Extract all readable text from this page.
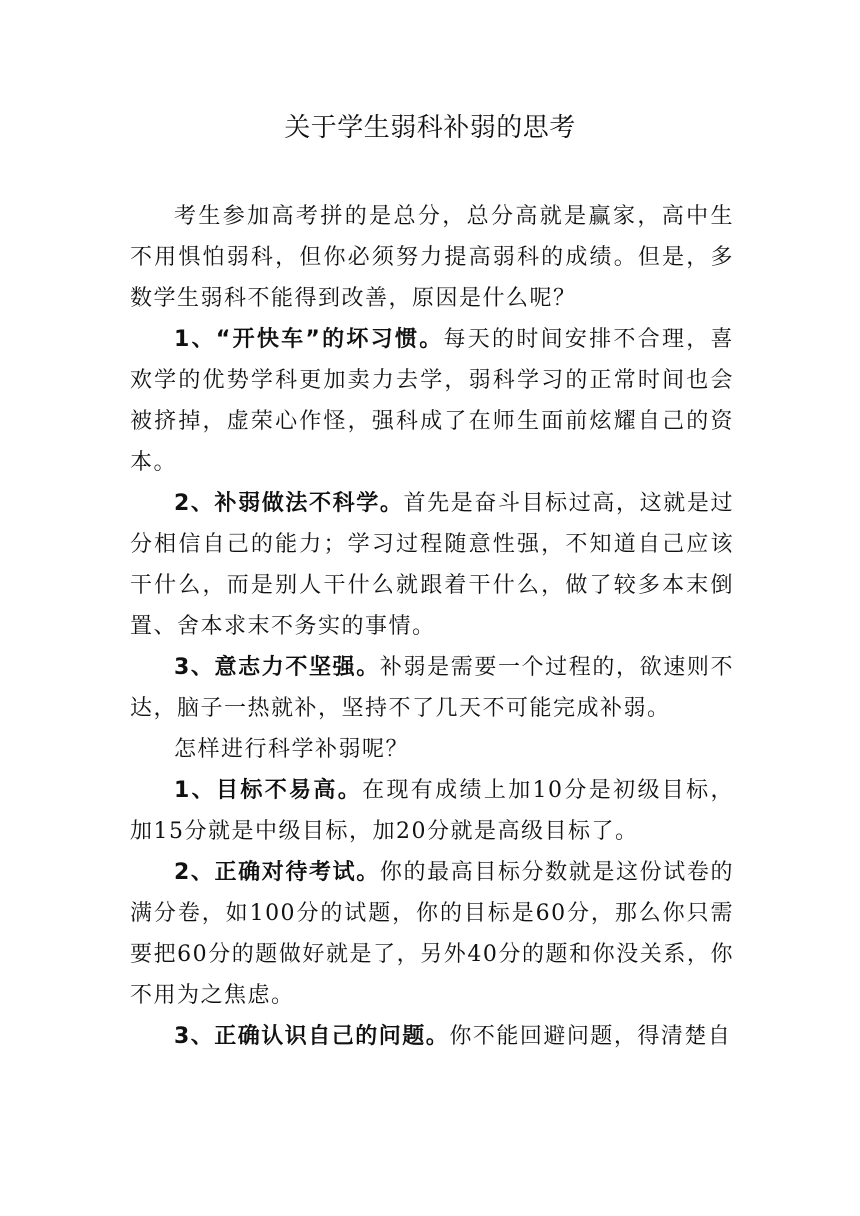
关于学生弱科补弱的思考

考生参加高考拼的是总分，总分高就是赢家，高中生不用惧怕弱科，但你必须努力提高弱科的成绩。但是，多数学生弱科不能得到改善，原因是什么呢？

1、“开快车”的坏习惯。每天的时间安排不合理，喜欢学的优势学科更加卖力去学，弱科学习的正常时间也会被挤掉，虚荣心作怪，强科成了在师生面前炫耀自己的资本。

2、补弱做法不科学。首先是奋斗目标过高，这就是过分相信自己的能力；学习过程随意性强，不知道自己应该干什么，而是别人干什么就跟着干什么，做了较多本末倒置、舍本求末不务实的事情。

3、意志力不坚强。补弱是需要一个过程的，欲速则不达，脑子一热就补，坚持不了几天不可能完成补弱。

怎样进行科学补弱呢？

1、目标不易高。在现有成绩上加10分是初级目标，加15分就是中级目标，加20分就是高级目标了。

2、正确对待考试。你的最高目标分数就是这份试卷的满分卷，如100分的试题，你的目标是60分，那么你只需要把60分的题做好就是了，另外40分的题和你没关系，你不用为之焦虑。

3、正确认识自己的问题。你不能回避问题，得清楚自
